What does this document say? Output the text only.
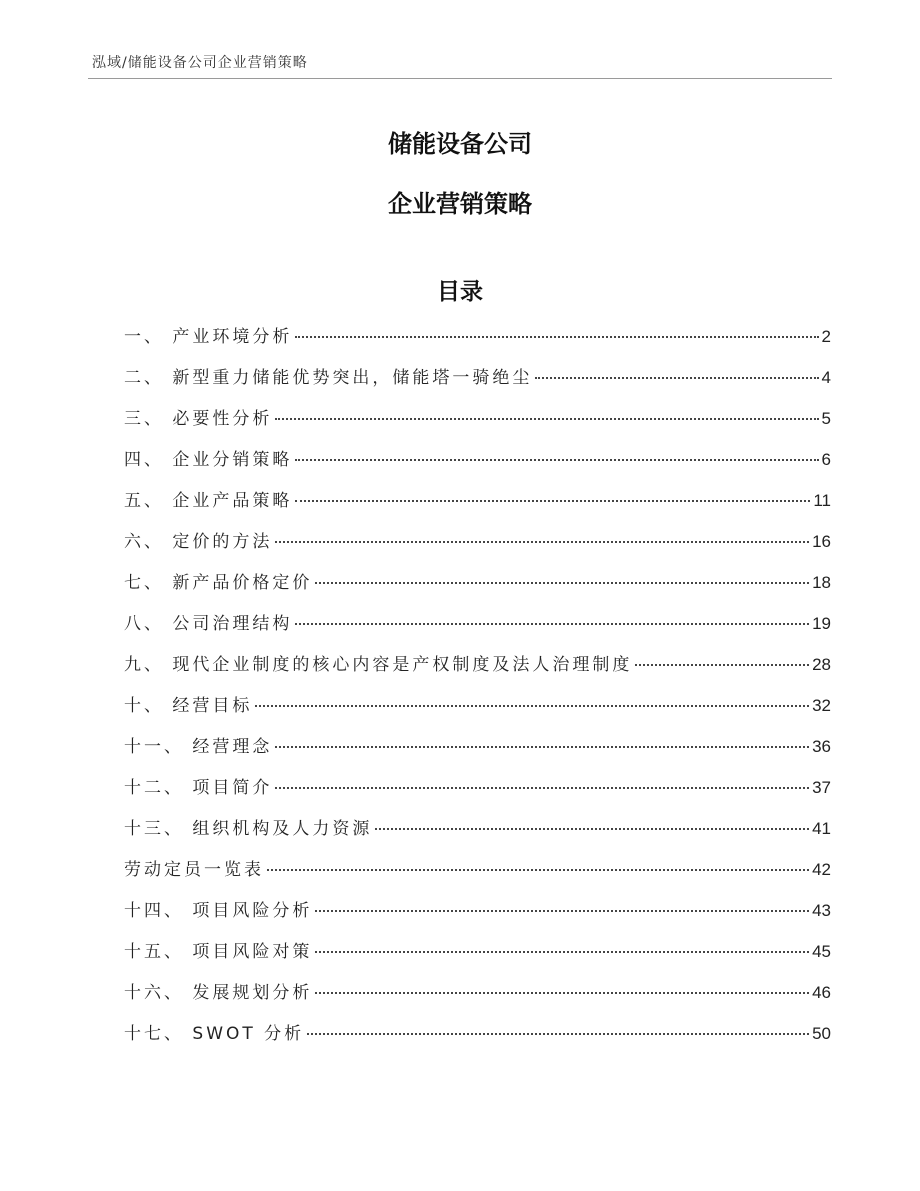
泓域/储能设备公司企业营销策略
储能设备公司
企业营销策略
目录
一、 产业环境分析	2
二、 新型重力储能优势突出，储能塔一骑绝尘	4
三、 必要性分析	5
四、 企业分销策略	6
五、 企业产品策略	11
六、 定价的方法	16
七、 新产品价格定价	18
八、 公司治理结构	19
九、 现代企业制度的核心内容是产权制度及法人治理制度	28
十、 经营目标	32
十一、 经营理念	36
十二、 项目简介	37
十三、 组织机构及人力资源	41
劳动定员一览表	42
十四、 项目风险分析	43
十五、 项目风险对策	45
十六、 发展规划分析	46
十七、 SWOT 分析	50
